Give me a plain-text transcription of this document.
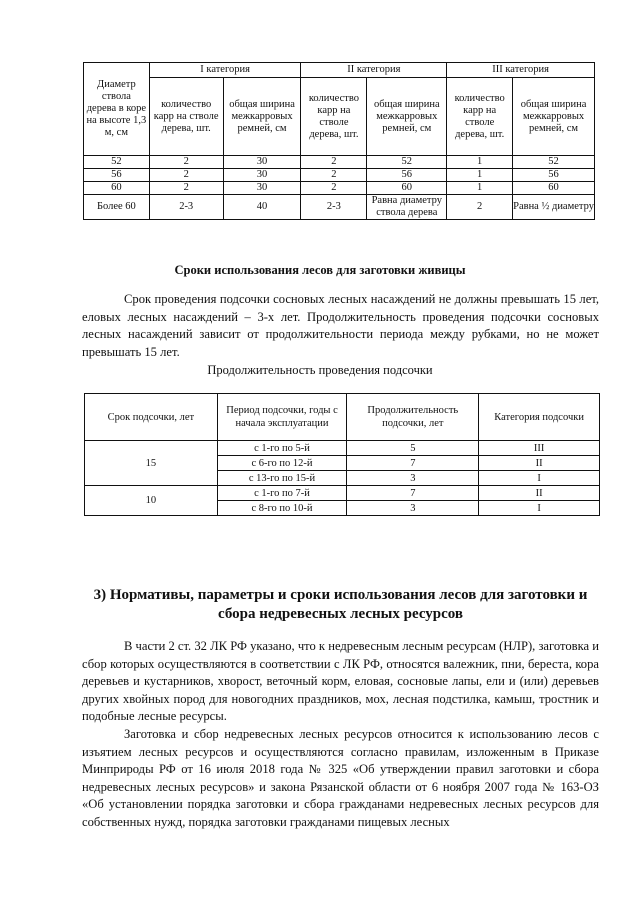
Диаметр ствола дерева в коре на высоте 1,3 м, см	I категория		II категория		III категория	
	количество карр на стволе дерева, шт.	общая ширина межкарровых ремней, см	количество карр на стволе дерева, шт.	общая ширина межкарровых ремней, см	количество карр на стволе дерева, шт.	общая ширина межкарровых ремней, см
52	2	30	2	52	1	52
56	2	30	2	56	1	56
60	2	30	2	60	1	60
Более 60	2-3	40	2-3	Равна диаметру ствола дерева	2	Равна ½ диаметру
Сроки использования лесов для заготовки живицы
Срок проведения подсочки сосновых лесных насаждений не должны превышать 15 лет, еловых лесных насаждений – 3-х лет. Продолжительность проведения подсочки сосновых лесных насаждений зависит от продолжительности периода между рубками, но не может превышать 15 лет.
Продолжительность проведения подсочки
Срок подсочки, лет	Период подсочки, годы с начала эксплуатации	Продолжительность подсочки, лет	Категория подсочки
15	с 1-го по 5-й	5	III
	с 6-го по 12-й	7	II
	с 13-го по 15-й	3	I
10	с 1-го по 7-й	7	II
	с 8-го по 10-й	3	I
3) Нормативы, параметры и сроки использования лесов для заготовки и сбора недревесных лесных ресурсов
В части 2 ст. 32 ЛК РФ указано, что к недревесным лесным ресурсам (НЛР), заготовка и сбор которых осуществляются в соответствии с ЛК РФ, относятся валежник, пни, береста, кора деревьев и кустарников, хворост, веточный корм, еловая, сосновые лапы, ели и (или) деревьев других хвойных пород для новогодних праздников, мох, лесная подстилка, камыш, тростник и подобные лесные ресурсы.
Заготовка и сбор недревесных лесных ресурсов относится к использованию лесов с изъятием лесных ресурсов и осуществляются согласно правилам, изложенным в Приказе Минприроды РФ от 16 июля 2018 года № 325 «Об утверждении правил заготовки и сбора недревесных лесных ресурсов» и закона Рязанской области от 6 ноября 2007 года № 163-ОЗ «Об установлении порядка заготовки и сбора гражданами недревесных лесных ресурсов для собственных нужд, порядка заготовки гражданами пищевых лесных
